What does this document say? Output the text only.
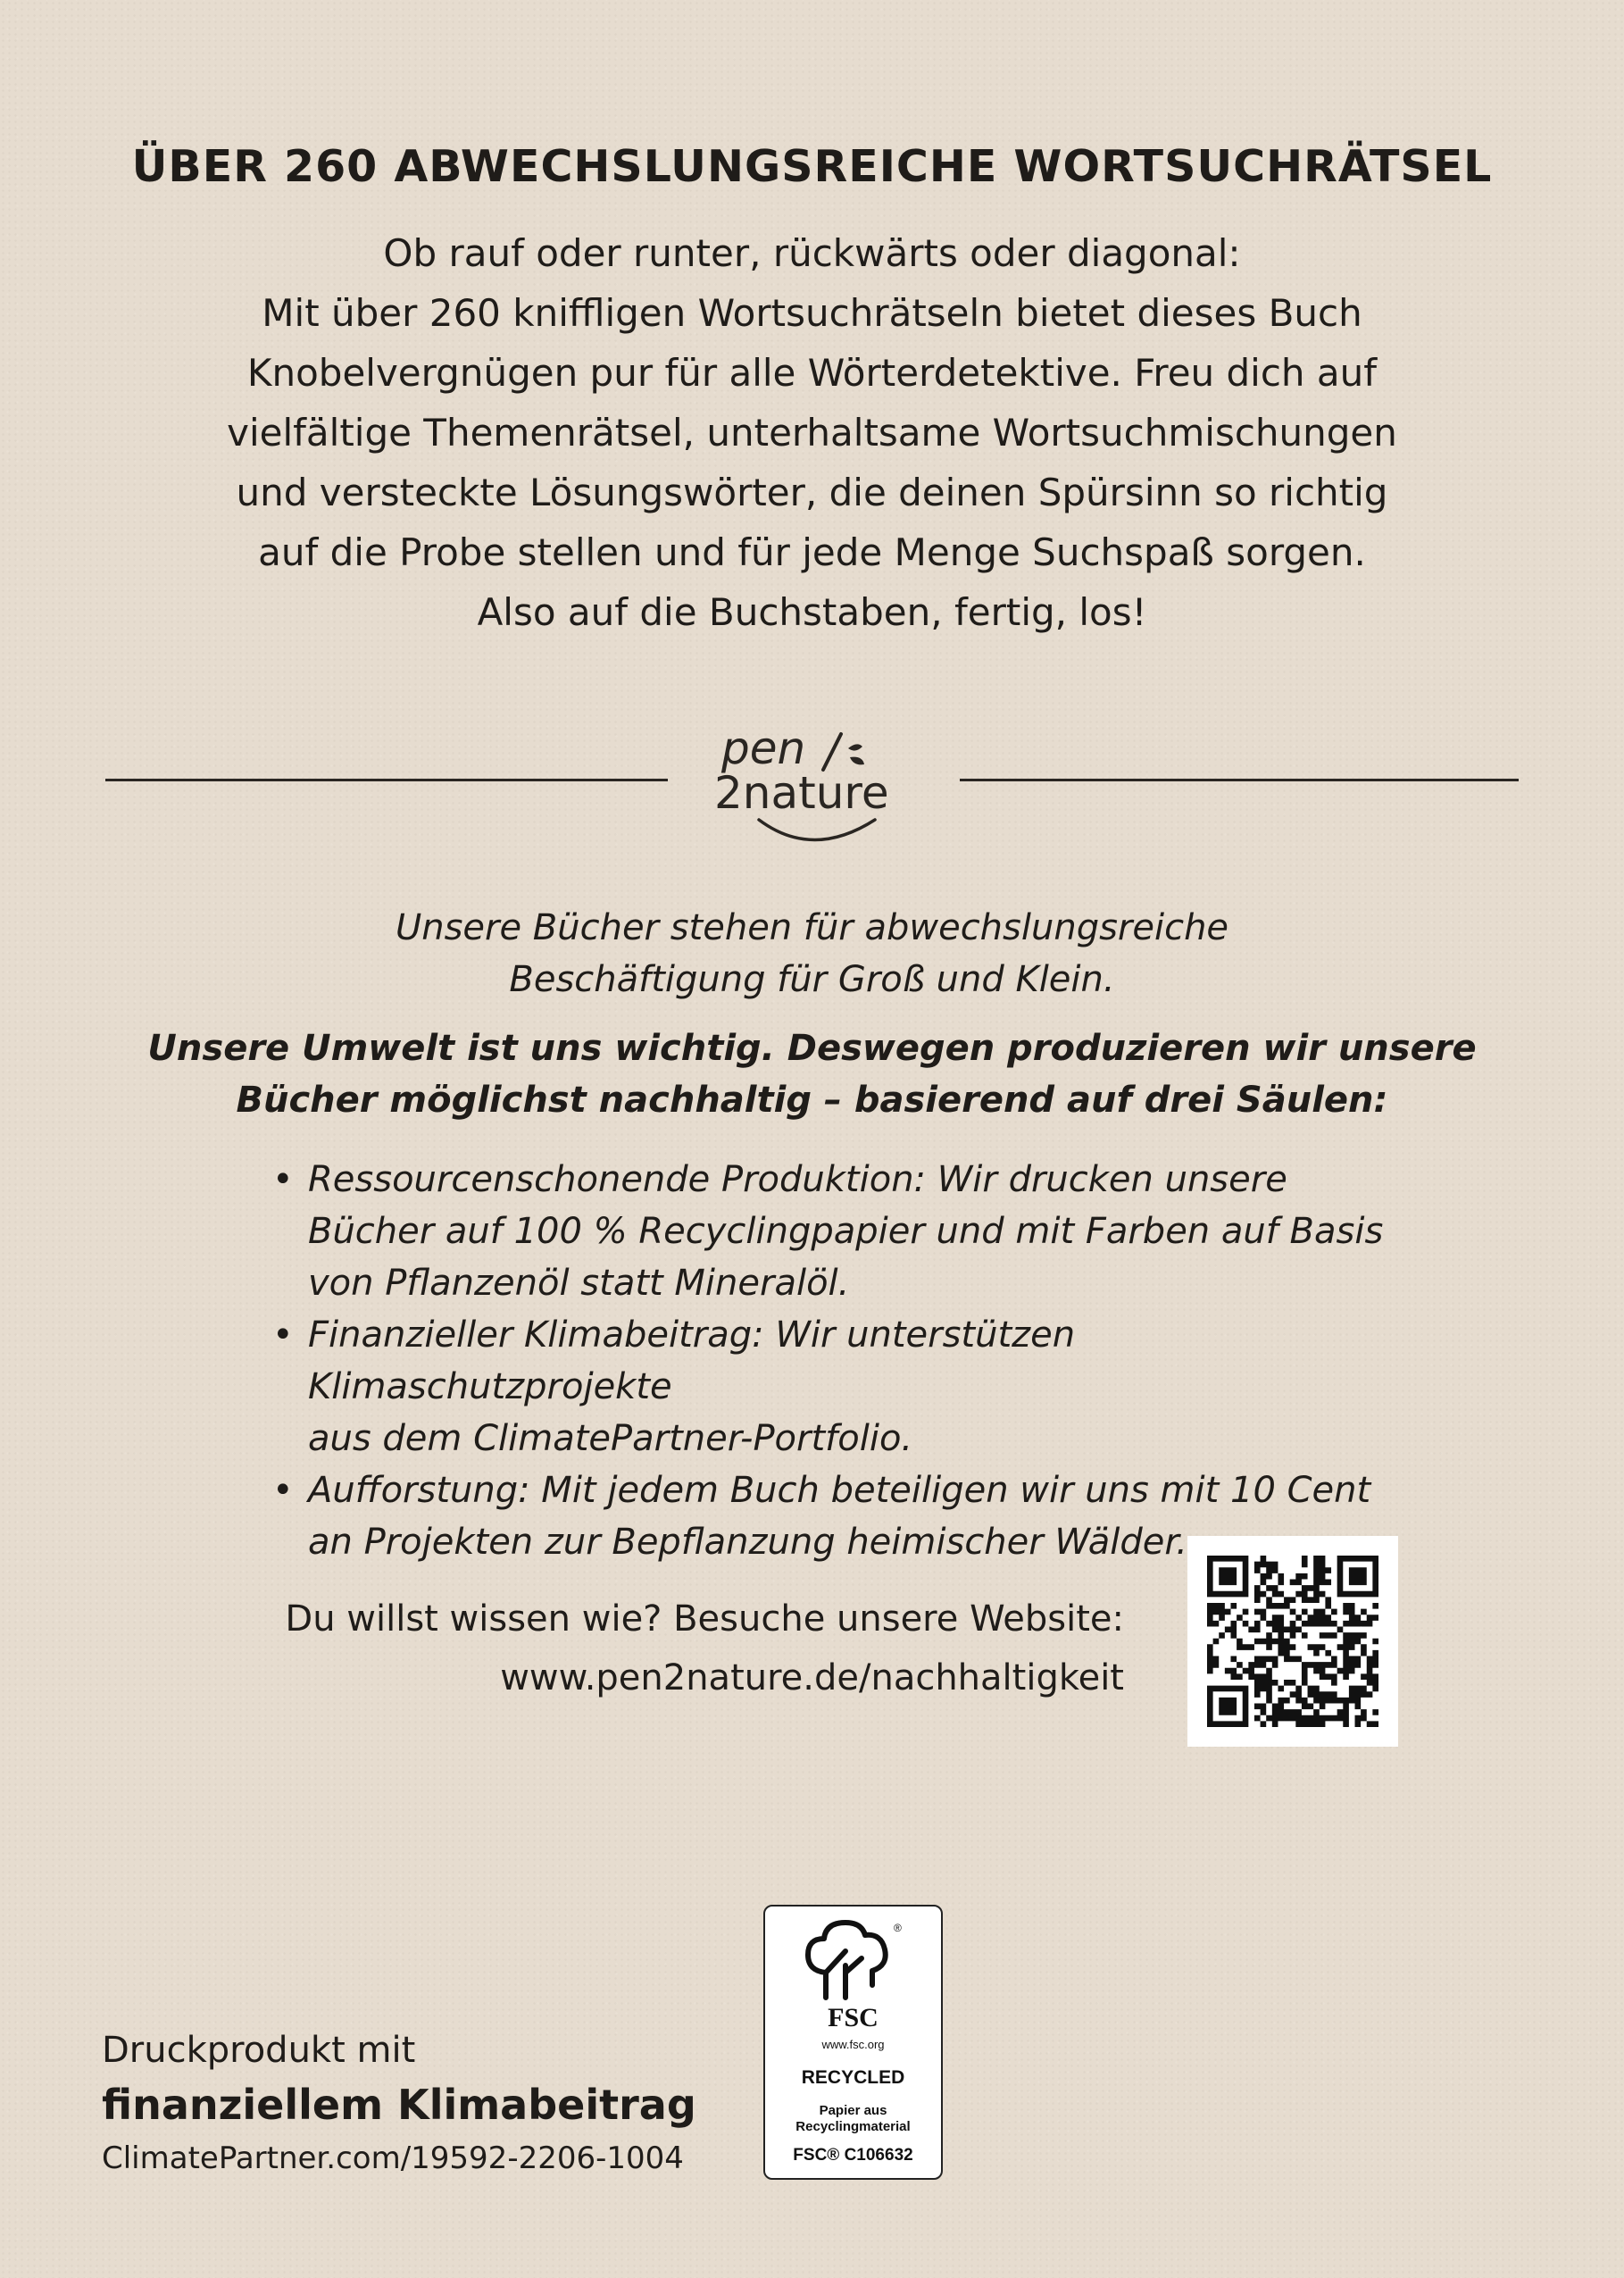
ÜBER 260 ABWECHSLUNGSREICHE WORTSUCHRÄTSEL
Ob rauf oder runter, rückwärts oder diagonal:
Mit über 260 kniffligen Wortsuchrätseln bietet dieses Buch
Knobelvergnügen pur für alle Wörterdetektive. Freu dich auf
vielfältige Themenrätsel, unterhaltsame Wortsuchmischungen
und versteckte Lösungswörter, die deinen Spürsinn so richtig
auf die Probe stellen und für jede Menge Suchspaß sorgen.
Also auf die Buchstaben, fertig, los!
pen
2nature
Unsere Bücher stehen für abwechslungsreiche
Beschäftigung für Groß und Klein.
Unsere Umwelt ist uns wichtig. Deswegen produzieren wir unsere
Bücher möglichst nachhaltig – basierend auf drei Säulen:
• Ressourcenschonende Produktion: Wir drucken unsere
Bücher auf 100 % Recyclingpapier und mit Farben auf Basis
von Pflanzenöl statt Mineralöl.
• Finanzieller Klimabeitrag: Wir unterstützen Klimaschutzprojekte
aus dem ClimatePartner-Portfolio.
• Aufforstung: Mit jedem Buch beteiligen wir uns mit 10 Cent
an Projekten zur Bepflanzung heimischer Wälder.
Du willst wissen wie? Besuche unsere Website:
www.pen2nature.de/nachhaltigkeit
Druckprodukt mit
finanziellem Klimabeitrag
ClimatePartner.com/19592-2206-1004
®
FSC
www.fsc.org
RECYCLED
Papier aus
Recyclingmaterial
FSC® C106632
